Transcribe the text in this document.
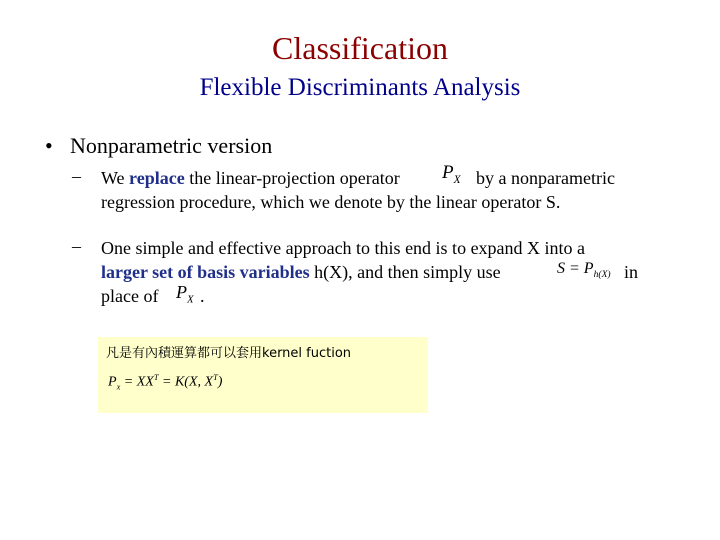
Classification
Flexible Discriminants Analysis
• Nonparametric version
– We replace the linear-projection operator $P_X$ by a nonparametric
regression procedure, which we denote by the linear operator S.
– One simple and effective approach to this end is to expand X into a
larger set of basis variables h(X), and then simply use	$S = P_{h(X)}$ in
place of $P_X$ .
凡是有內積運算都可以套用kernel fuction
$P_x = XX^T = K(X$, $X^T$)
